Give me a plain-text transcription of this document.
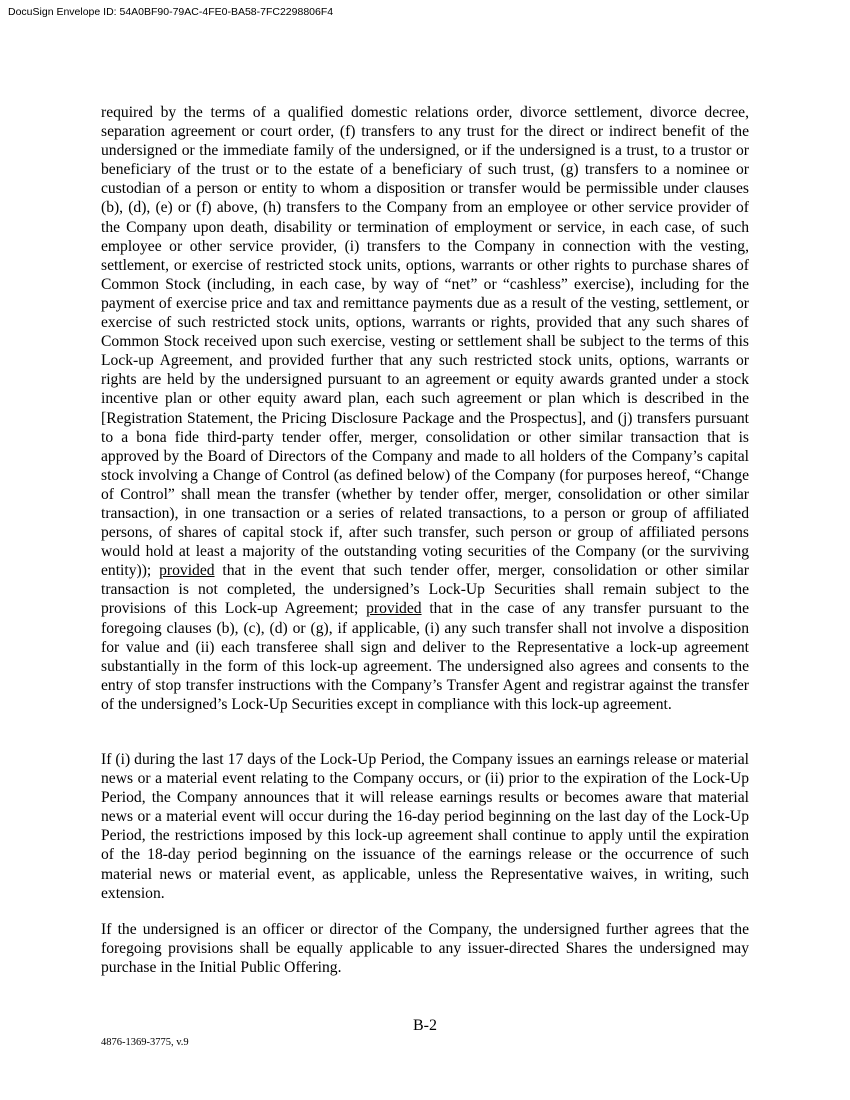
DocuSign Envelope ID: 54A0BF90-79AC-4FE0-BA58-7FC2298806F4

required by the terms of a qualified domestic relations order, divorce settlement, divorce decree, separation agreement or court order, (f) transfers to any trust for the direct or indirect benefit of the undersigned or the immediate family of the undersigned, or if the undersigned is a trust, to a trustor or beneficiary of the trust or to the estate of a beneficiary of such trust, (g) transfers to a nominee or custodian of a person or entity to whom a disposition or transfer would be permissible under clauses (b), (d), (e) or (f) above, (h) transfers to the Company from an employee or other service provider of the Company upon death, disability or termination of employment or service, in each case, of such employee or other service provider, (i) transfers to the Company in connection with the vesting, settlement, or exercise of restricted stock units, options, warrants or other rights to purchase shares of Common Stock (including, in each case, by way of “net” or “cashless” exercise), including for the payment of exercise price and tax and remittance payments due as a result of the vesting, settlement, or exercise of such restricted stock units, options, warrants or rights, provided that any such shares of Common Stock received upon such exercise, vesting or settlement shall be subject to the terms of this Lock-up Agreement, and provided further that any such restricted stock units, options, warrants or rights are held by the undersigned pursuant to an agreement or equity awards granted under a stock incentive plan or other equity award plan, each such agreement or plan which is described in the [Registration Statement, the Pricing Disclosure Package and the Prospectus], and (j) transfers pursuant to a bona fide third-party tender offer, merger, consolidation or other similar transaction that is approved by the Board of Directors of the Company and made to all holders of the Company’s capital stock involving a Change of Control (as defined below) of the Company (for purposes hereof, “Change of Control” shall mean the transfer (whether by tender offer, merger, consolidation or other similar transaction), in one transaction or a series of related transactions, to a person or group of affiliated persons, of shares of capital stock if, after such transfer, such person or group of affiliated persons would hold at least a majority of the outstanding voting securities of the Company (or the surviving entity)); provided that in the event that such tender offer, merger, consolidation or other similar transaction is not completed, the undersigned’s Lock-Up Securities shall remain subject to the provisions of this Lock-up Agreement; provided that in the case of any transfer pursuant to the foregoing clauses (b), (c), (d) or (g), if applicable, (i) any such transfer shall not involve a disposition for value and (ii) each transferee shall sign and deliver to the Representative a lock-up agreement substantially in the form of this lock-up agreement. The undersigned also agrees and consents to the entry of stop transfer instructions with the Company’s Transfer Agent and registrar against the transfer of the undersigned’s Lock-Up Securities except in compliance with this lock-up agreement.

If (i) during the last 17 days of the Lock-Up Period, the Company issues an earnings release or material news or a material event relating to the Company occurs, or (ii) prior to the expiration of the Lock-Up Period, the Company announces that it will release earnings results or becomes aware that material news or a material event will occur during the 16-day period beginning on the last day of the Lock-Up Period, the restrictions imposed by this lock-up agreement shall continue to apply until the expiration of the 18-day period beginning on the issuance of the earnings release or the occurrence of such material news or material event, as applicable, unless the Representative waives, in writing, such extension.

If the undersigned is an officer or director of the Company, the undersigned further agrees that the foregoing provisions shall be equally applicable to any issuer-directed Shares the undersigned may purchase in the Initial Public Offering.

B-2
4876-1369-3775, v.9
